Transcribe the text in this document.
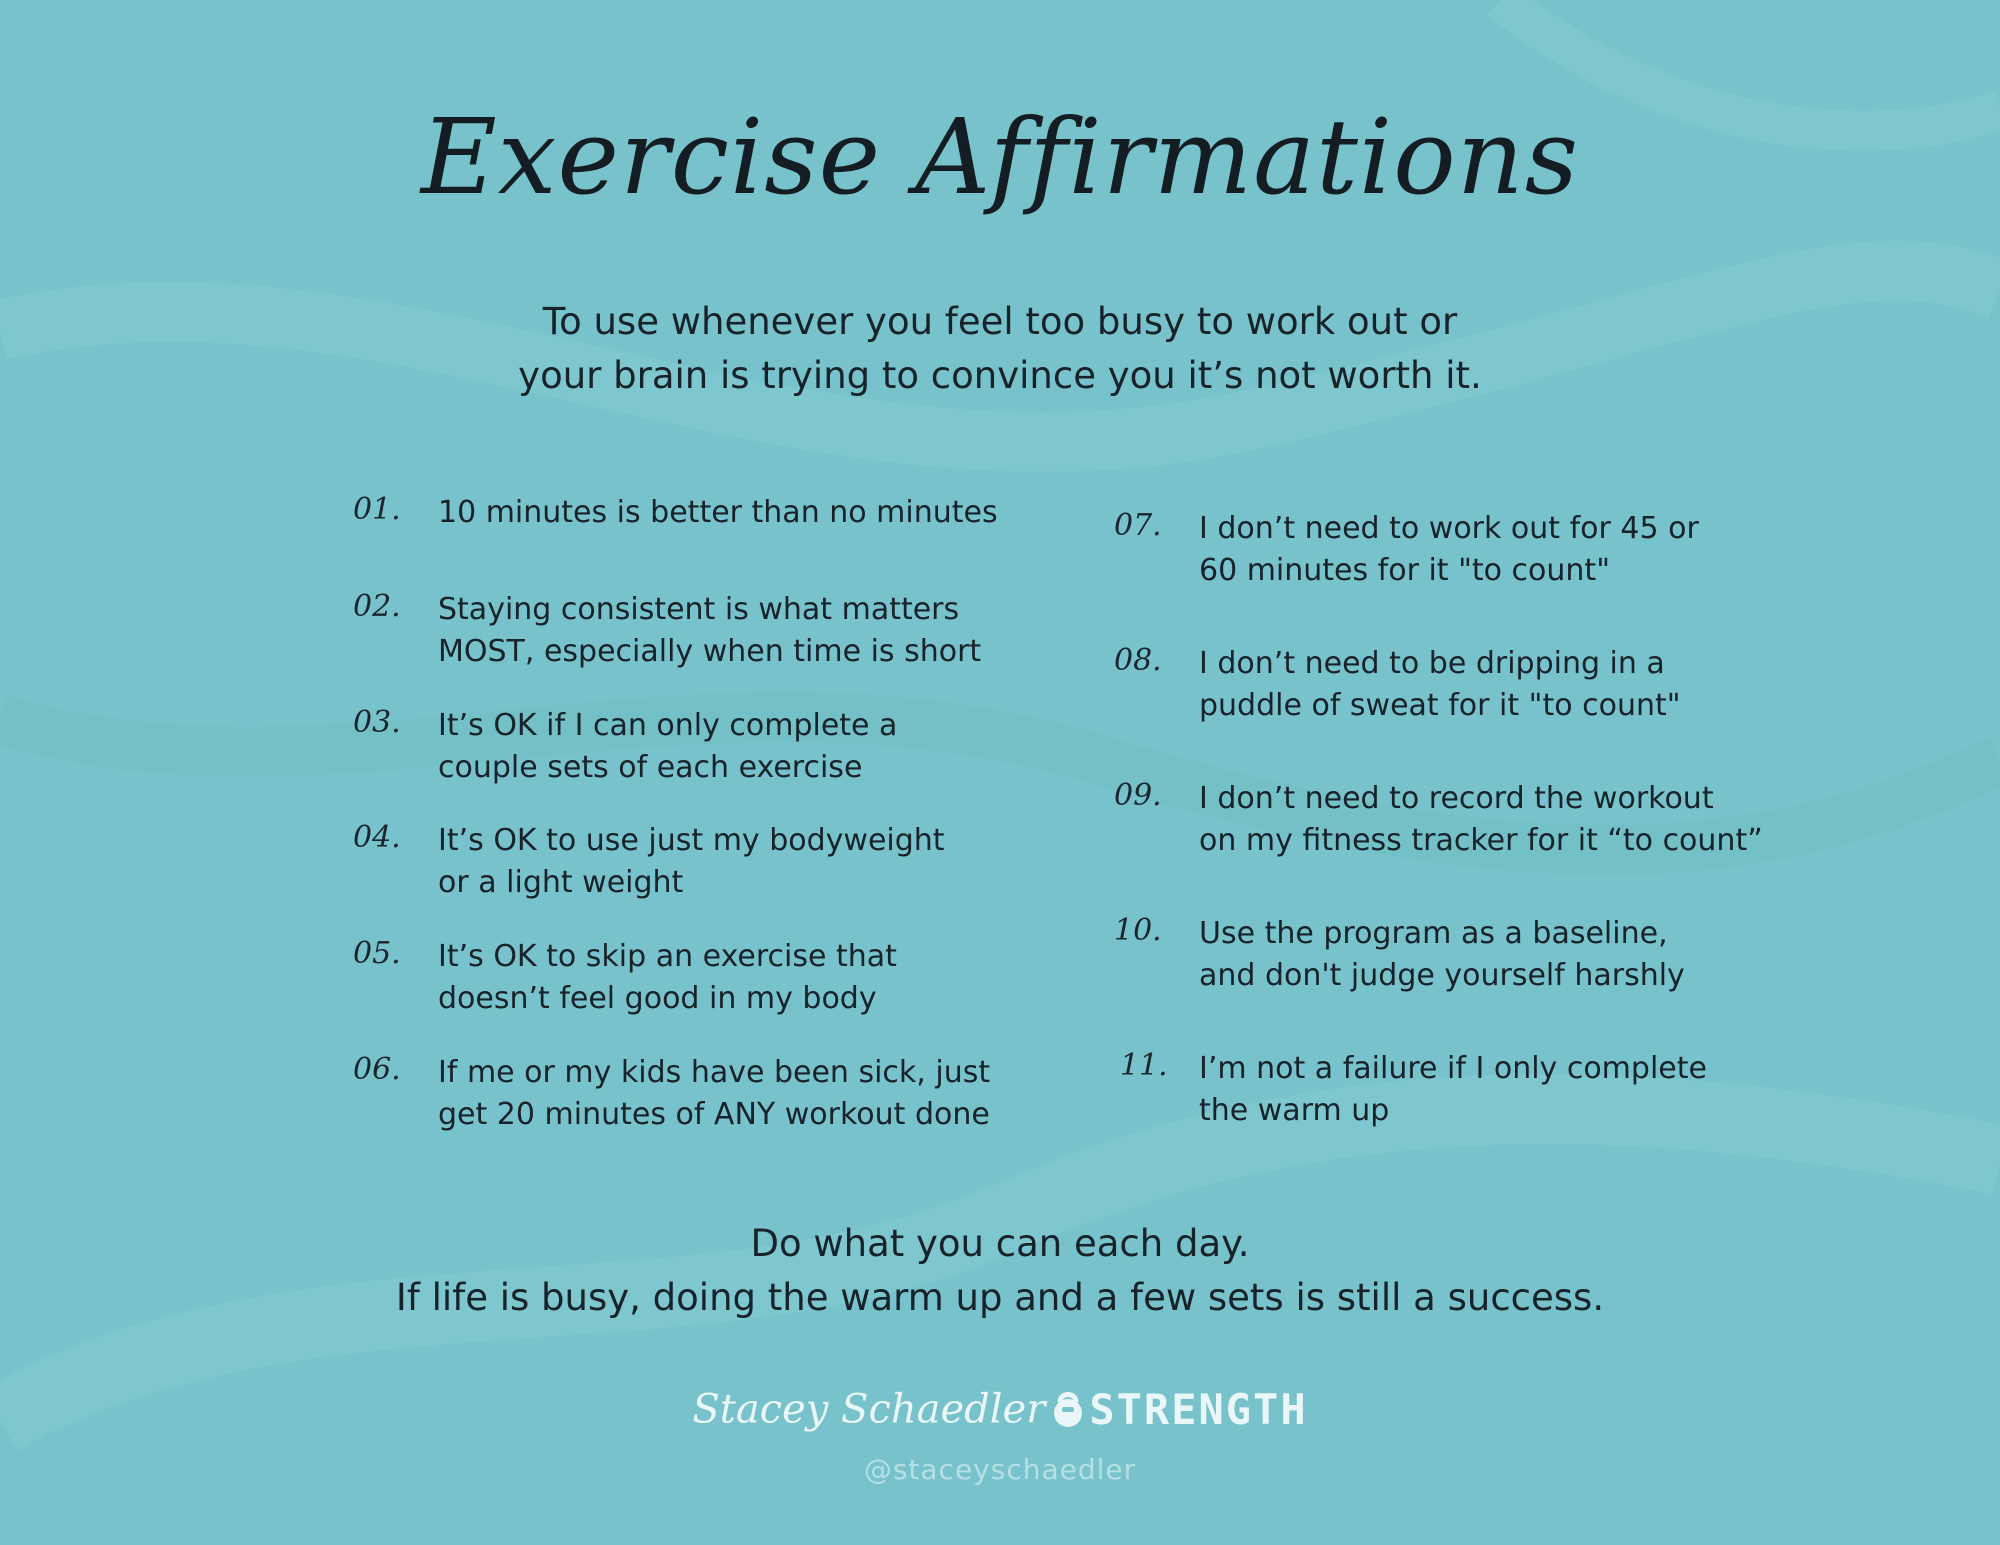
Exercise Affirmations
To use whenever you feel too busy to work out or
your brain is trying to convince you it’s not worth it.
01. 10 minutes is better than no minutes
02. Staying consistent is what matters
MOST, especially when time is short
03. It’s OK if I can only complete a
couple sets of each exercise
04. It’s OK to use just my bodyweight
or a light weight
05. It’s OK to skip an exercise that
doesn’t feel good in my body
06. If me or my kids have been sick, just
get 20 minutes of ANY workout done
07. I don’t need to work out for 45 or
60 minutes for it "to count"
08. I don’t need to be dripping in a
puddle of sweat for it "to count"
09. I don’t need to record the workout
on my fitness tracker for it “to count”
10. Use the program as a baseline,
and don't judge yourself harshly
11. I’m not a failure if I only complete
the warm up
Do what you can each day.
If life is busy, doing the warm up and a few sets is still a success.
Stacey Schaedler STRENGTH
@staceyschaedler
